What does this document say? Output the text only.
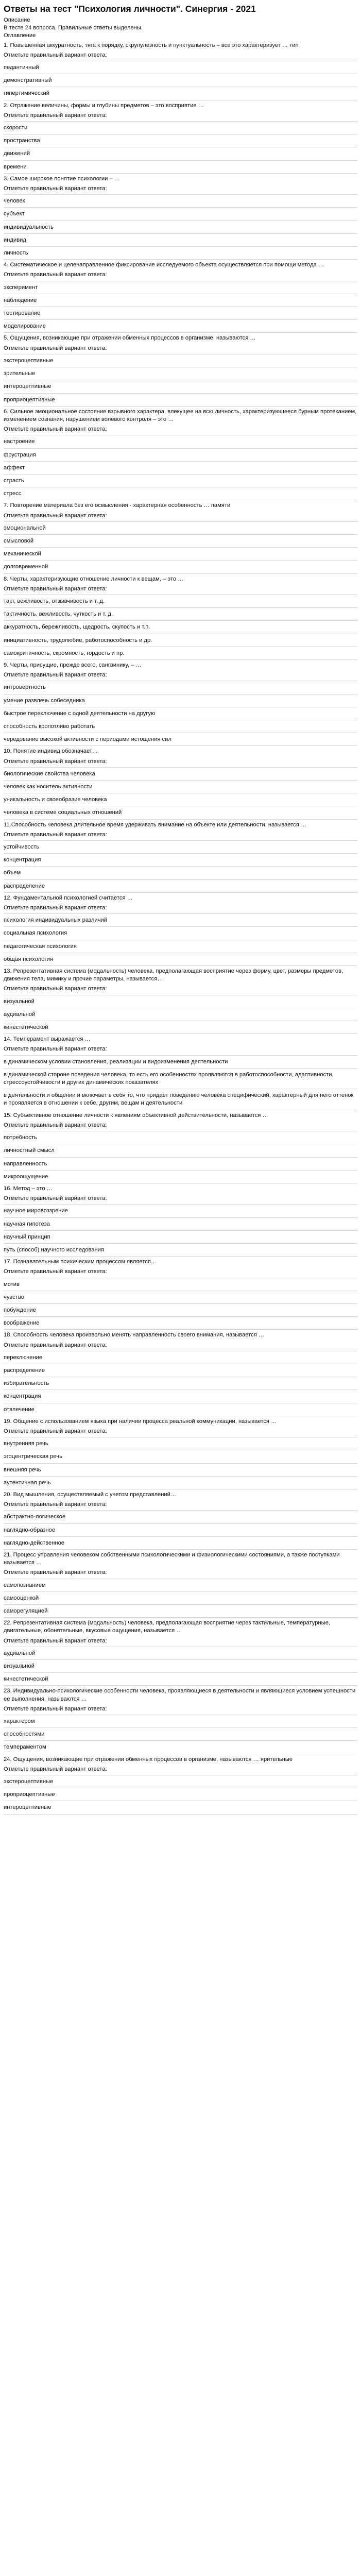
Ответы на тест "Психология личности". Синергия - 2021
Описание
В тесте 24 вопроса. Правильные ответы выделены.
Оглавление
1. Повышенная аккуратность, тяга к порядку, скрупулезность и пунктуальность – все это характеризует … тип
Отметьте правильный вариант ответа:
педантичный
демонстративный
гипертимический
2. Отражение величины, формы и глубины предметов – это восприятие …
Отметьте правильный вариант ответа:
скорости
пространства
движений
времени
3. Самое широкое понятие психологии – …
Отметьте правильный вариант ответа:
человек
субъект
индивидуальность
индивид
личность
4. Систематическое и целенаправленное фиксирование исследуемого объекта осуществляется при помощи метода …
Отметьте правильный вариант ответа:
эксперимент
наблюдение
тестирование
моделирование
5. Ощущения, возникающие при отражении обменных процессов в организме, называются …
Отметьте правильный вариант ответа:
экстероцептивные
зрительные
интероцептивные
проприоцептивные
6. Сильное эмоциональное состояние взрывного характера, влекущее на всю личность, характеризующееся бурным протеканием, изменением сознания, нарушением волевого контроля – это …
Отметьте правильный вариант ответа:
настроение
фрустрация
аффект
страсть
стресс
7. Повторение материала без его осмысления - характерная особенность … памяти
Отметьте правильный вариант ответа:
эмоциональной
смысловой
механической
долговременной
8. Черты, характеризующие отношение личности к вещам, – это …
Отметьте правильный вариант ответа:
такт, вежливость, отзывчивость и т. д.
тактичность, вежливость, чуткость и т. д.
аккуратность, бережливость, щедрость, скупость и т.п.
инициативность, трудолюбие, работоспособность и др.
самокритичность, скромность, гордость и пр.
9. Черты, присущие, прежде всего, сангвинику, – …
Отметьте правильный вариант ответа:
интровертность
умение развлечь собеседника
быстрое переключение с одной деятельности на другую
способность кропотливо работать
чередование высокой активности с периодами истощения сил
10. Понятие индивид обозначает…
Отметьте правильный вариант ответа:
биологические свойства человека
человек как носитель активности
уникальность и своеобразие человека
человека в системе социальных отношений
11.Способность человека длительное время удерживать внимание на объекте или деятельности, называется …
Отметьте правильный вариант ответа:
устойчивость
концентрация
объем
распределение
12. Фундаментальной психологией считается …
Отметьте правильный вариант ответа:
психология индивидуальных различий
социальная психология
педагогическая психология
общая психология
13. Репрезентативная система (модальность) человека, предполагающая восприятие через форму, цвет, размеры предметов, движения тела, мимику и прочие параметры, называется…
Отметьте правильный вариант ответа:
визуальной
аудиальной
кинестетической
14. Темперамент выражается …
Отметьте правильный вариант ответа:
в динамическом условии становления, реализации и видоизменения деятельности
в динамической стороне поведения человека, то есть его особенностях проявляются в работоспособности, адаптивности, стрессоустойчивости и других динамических показателях
в деятельности и общении и включает в себя то, что придает поведению человека специфический, характерный для него оттенок и проявляется в отношении к себе, другим, вещам и деятельности
15. Субъективное отношение личности к явлениям объективной действительности, называется …
Отметьте правильный вариант ответа:
потребность
личностный смысл
направленность
микроощущение
16. Метод – это …
Отметьте правильный вариант ответа:
научное мировоззрение
научная гипотеза
научный принцип
путь (способ) научного исследования
17. Познавательным психическим процессом является…
Отметьте правильный вариант ответа:
мотив
чувство
побуждение
воображение
18. Способность человека произвольно менять направленность своего внимания, называется …
Отметьте правильный вариант ответа:
переключение
распределение
избирательность
концентрация
отвлечение
19. Общение с использованием языка при наличии процесса реальной коммуникации, называется …
Отметьте правильный вариант ответа:
внутренняя речь
эгоцентрическая речь
внешняя речь
аутентичная речь
20. Вид мышления, осуществляемый с учетом представлений…
Отметьте правильный вариант ответа:
абстрактно-логическое
наглядно-образное
наглядно-действенное
21. Процесс управления человеком собственными психологическими и физиологическими состояниями, а также поступками называется …
Отметьте правильный вариант ответа:
самопознанием
самооценкой
саморегуляцией
22. Репрезентативная система (модальность) человека, предполагающая восприятие через тактильные, температурные, двигательные, обонятельные, вкусовые ощущения, называется …
Отметьте правильный вариант ответа:
аудиальной
визуальной
кинестетической
23. Индивидуально-психологические особенности человека, проявляющиеся в деятельности и являющиеся условием успешности ее выполнения, называются …
Отметьте правильный вариант ответа:
характером
способностями
темпераментом
24. Ощущения, возникающие при отражении обменных процессов в организме, называются … ярительные
Отметьте правильный вариант ответа:
экстероцептивные
проприоцептивные
интероцептивные
